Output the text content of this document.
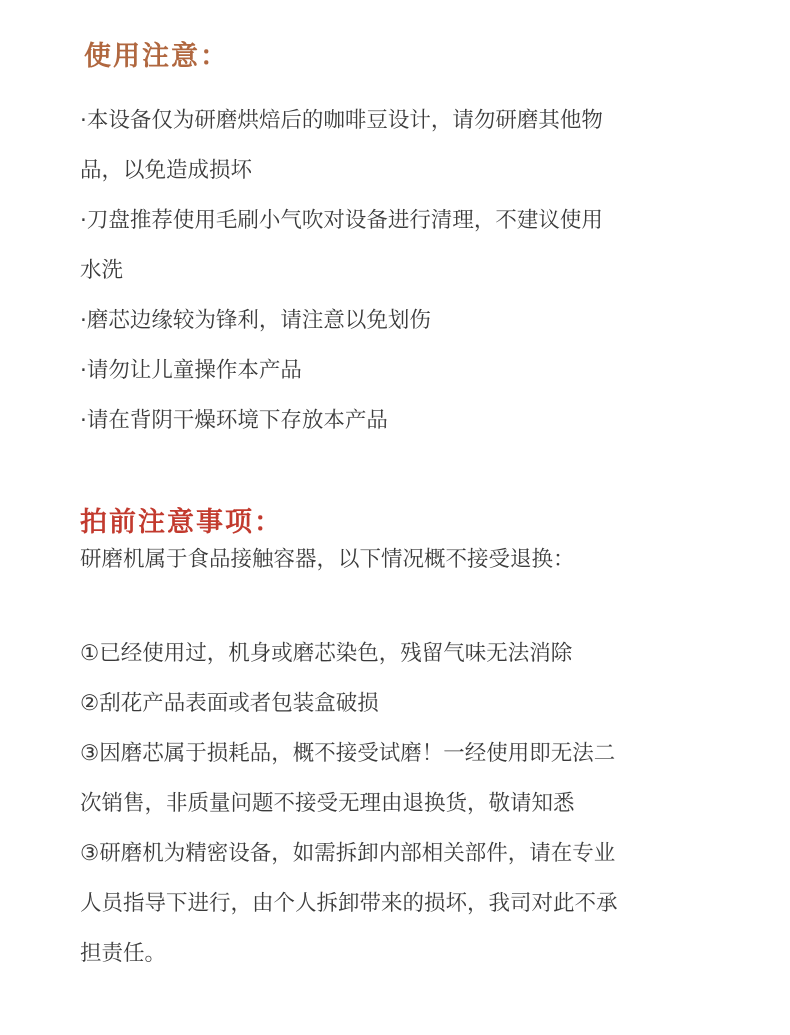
使用注意：
·本设备仅为研磨烘焙后的咖啡豆设计，请勿研磨其他物
品，以免造成损坏
·刀盘推荐使用毛刷小气吹对设备进行清理，不建议使用
水洗
·磨芯边缘较为锋利，请注意以免划伤
·请勿让儿童操作本产品
·请在背阴干燥环境下存放本产品
拍前注意事项：
研磨机属于食品接触容器，以下情况概不接受退换：
①已经使用过，机身或磨芯染色，残留气味无法消除
②刮花产品表面或者包装盒破损
③因磨芯属于损耗品，概不接受试磨！一经使用即无法二
次销售，非质量问题不接受无理由退换货，敬请知悉
③研磨机为精密设备，如需拆卸内部相关部件，请在专业
人员指导下进行，由个人拆卸带来的损坏，我司对此不承
担责任。
